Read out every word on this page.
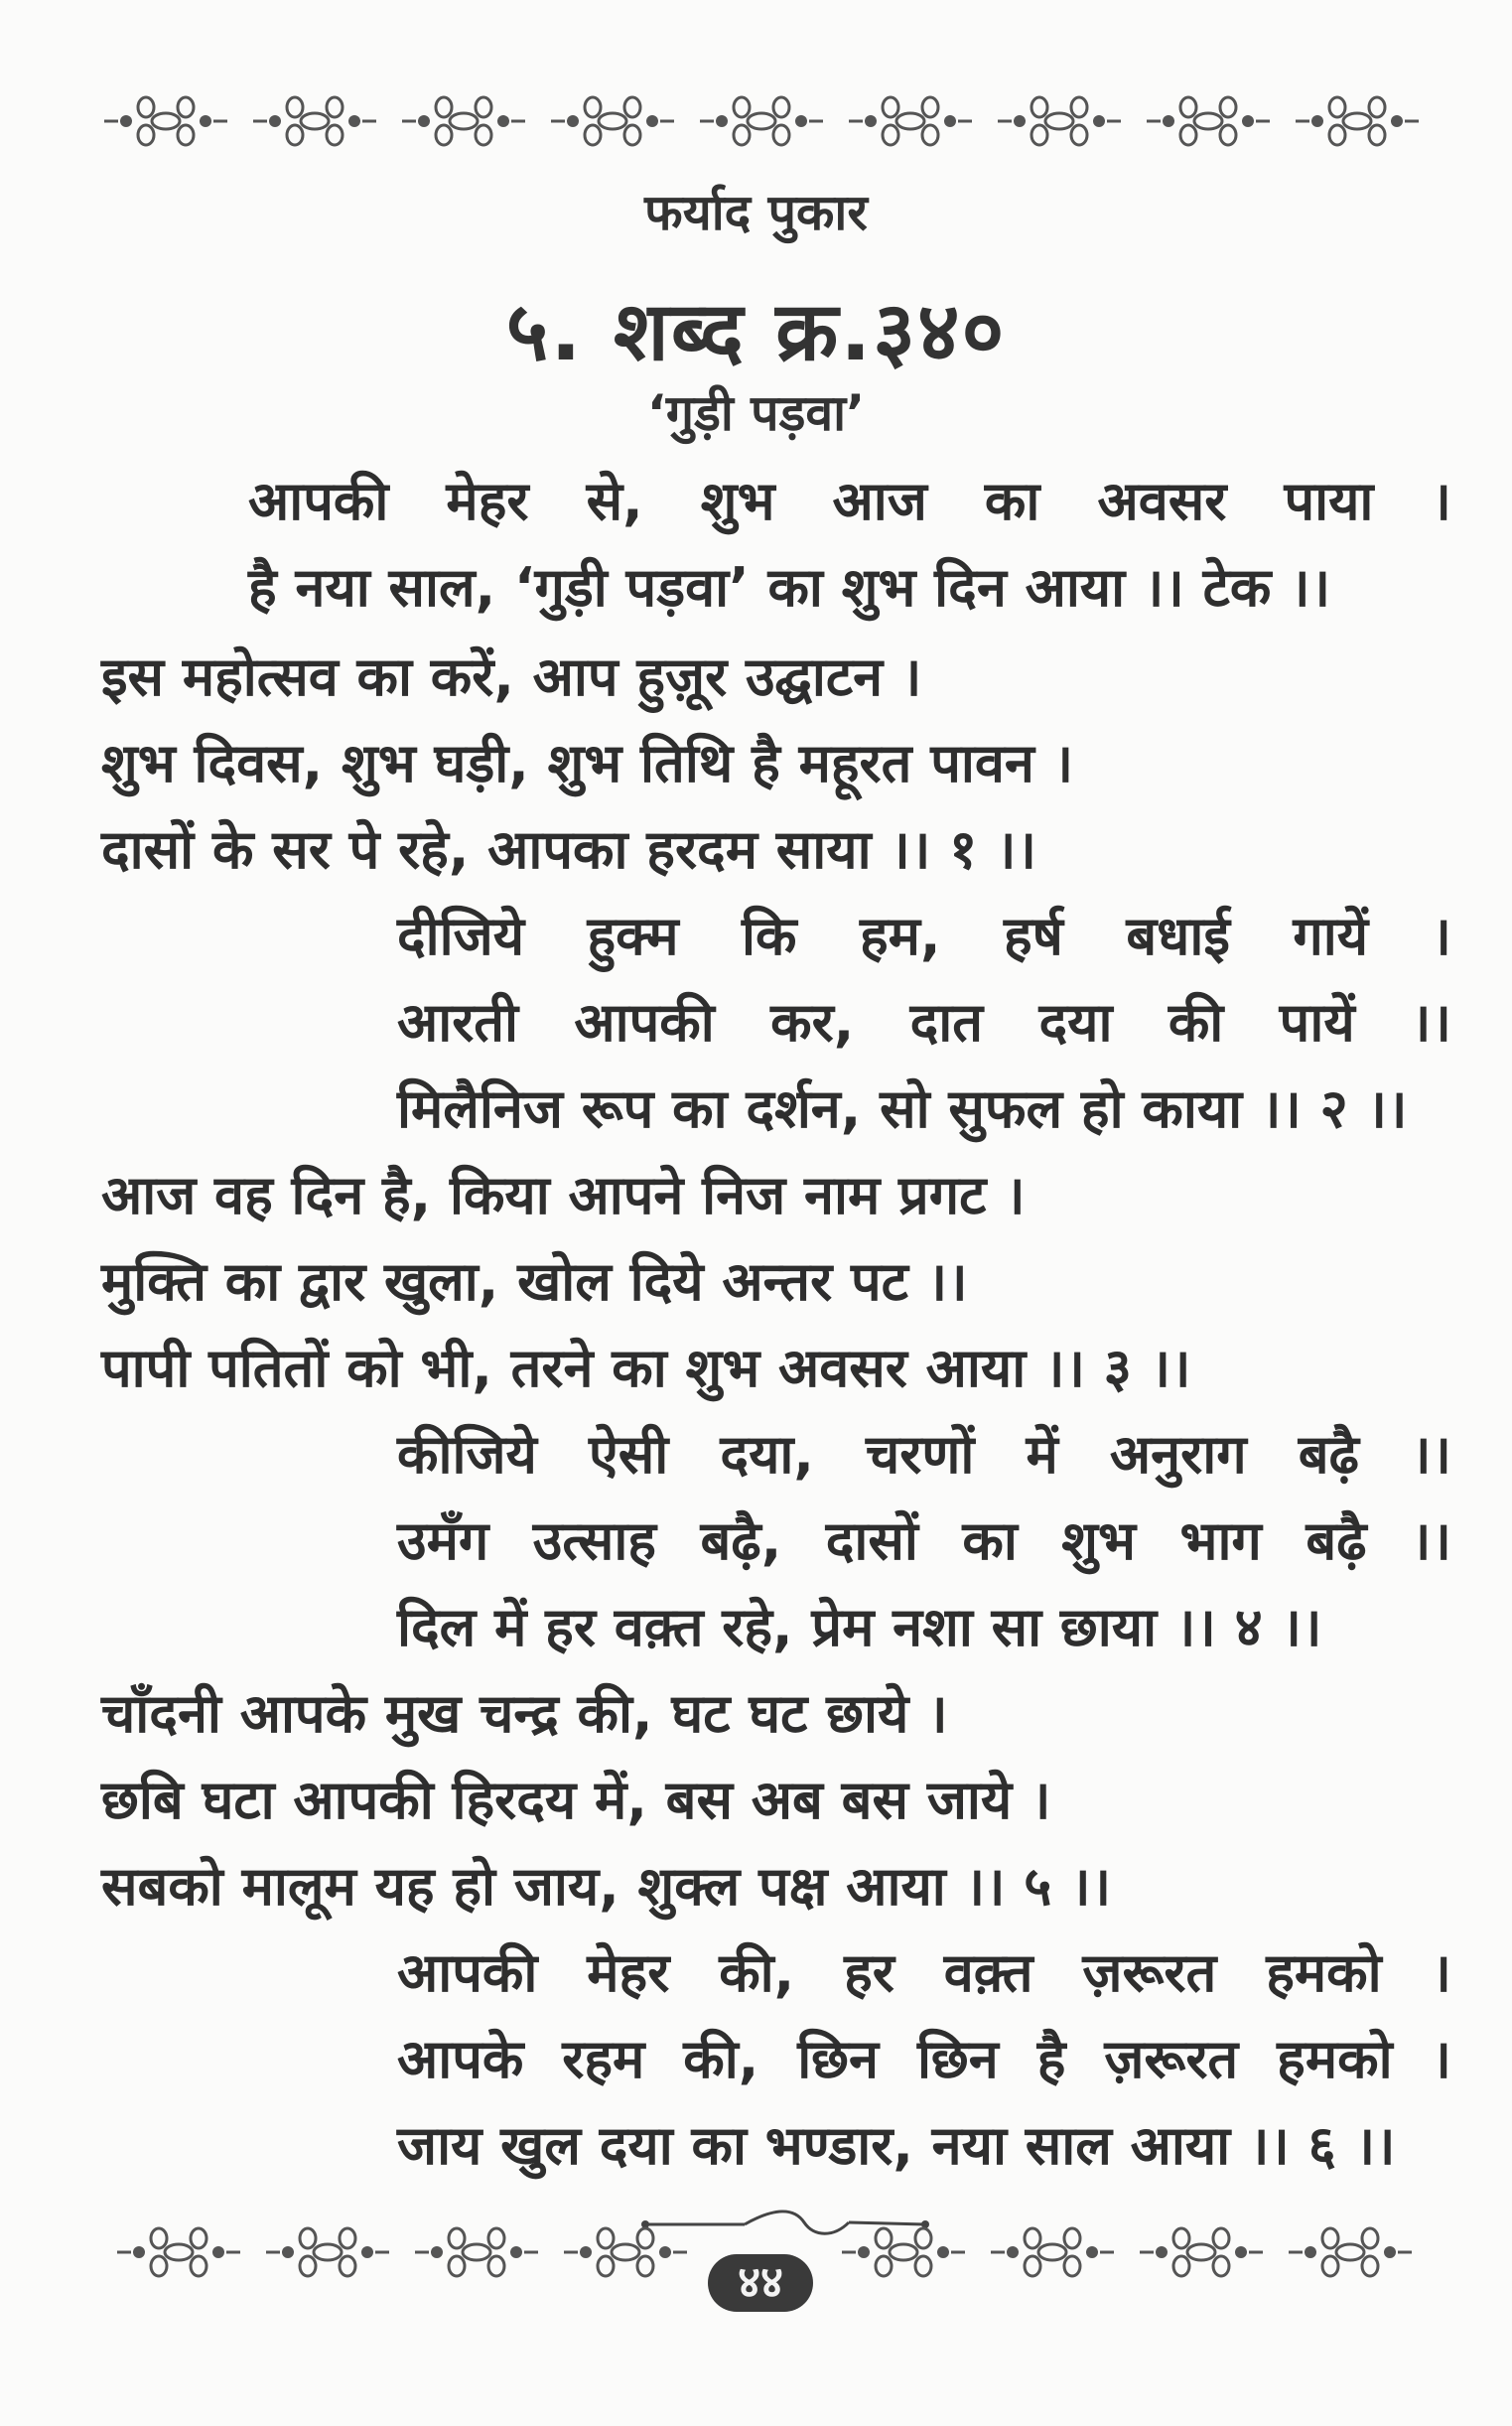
फर्याद पुकार
५. शब्द क्र.३४०
‘गुड़ी पड़वा’
आपकी मेहर से, शुभ आज का अवसर पाया ।
है नया साल, ‘गुड़ी पड़वा’ का शुभ दिन आया ।। टेक ।।
इस महोत्सव का करें, आप हुज़ूर उद्घाटन ।
शुभ दिवस, शुभ घड़ी, शुभ तिथि है महूरत पावन ।
दासों के सर पे रहे, आपका हरदम साया ।। १ ।।
दीजिये हुक्म कि हम, हर्ष बधाई गायें ।
आरती आपकी कर, दात दया की पायें ।।
मिलैनिज रूप का दर्शन, सो सुफल हो काया ।। २ ।।
आज वह दिन है, किया आपने निज नाम प्रगट ।
मुक्ति का द्वार खुला, खोल दिये अन्तर पट ।।
पापी पतितों को भी, तरने का शुभ अवसर आया ।। ३ ।।
कीजिये ऐसी दया, चरणों में अनुराग बढ़ै ।।
उमँग उत्साह बढ़ै, दासों का शुभ भाग बढ़ै ।।
दिल में हर वक़्त रहे, प्रेम नशा सा छाया ।। ४ ।।
चाँदनी आपके मुख चन्द्र की, घट घट छाये ।
छबि घटा आपकी हिरदय में, बस अब बस जाये ।
सबको मालूम यह हो जाय, शुक्ल पक्ष आया ।। ५ ।।
आपकी मेहर की, हर वक़्त ज़रूरत हमको ।
आपके रहम की, छिन छिन है ज़रूरत हमको ।
जाय खुल दया का भण्डार, नया साल आया ।। ६ ।।
४४
